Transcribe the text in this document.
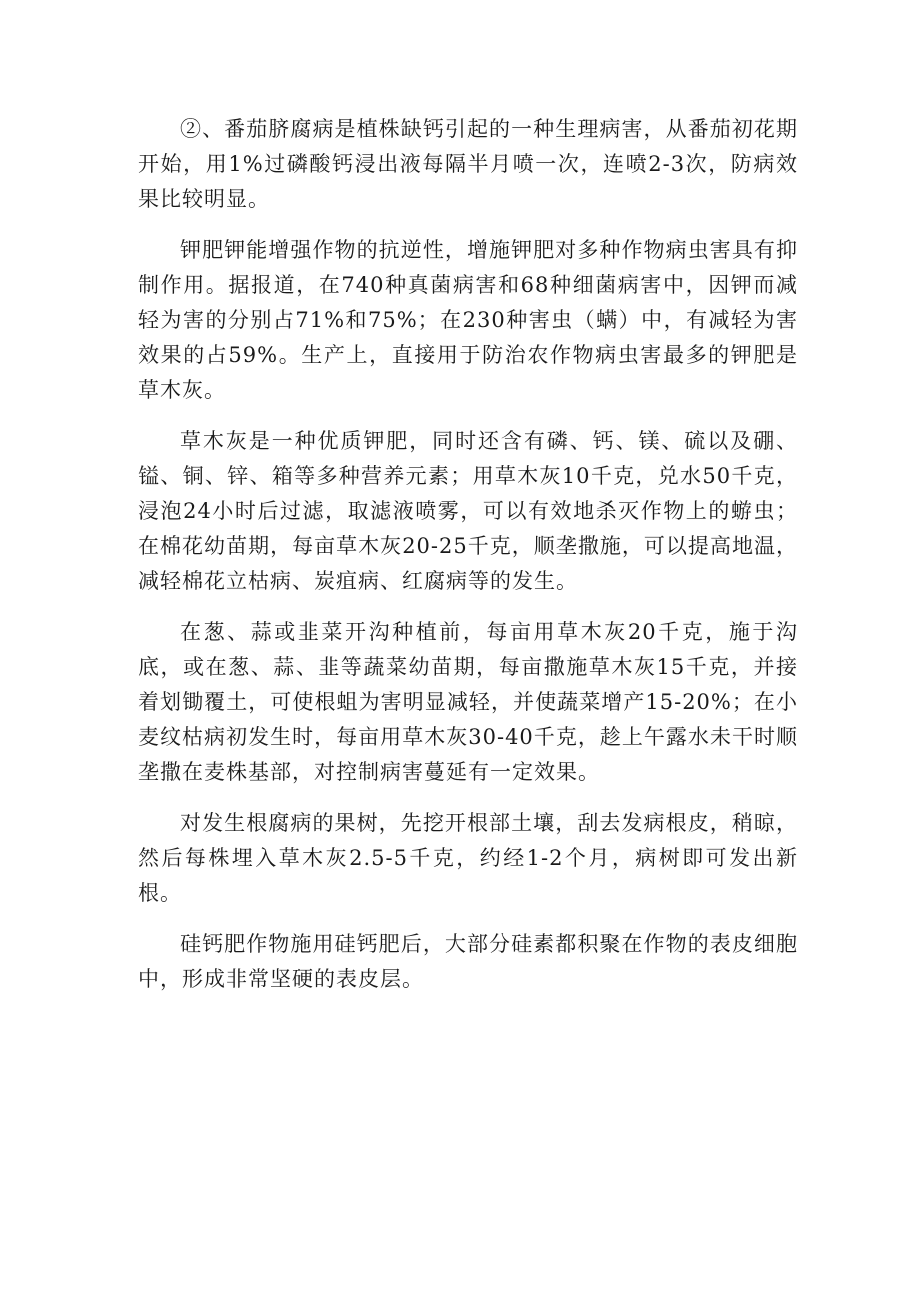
②、番茄脐腐病是植株缺钙引起的一种生理病害，从番茄初花期开始，用1%过磷酸钙浸出液每隔半月喷一次，连喷2-3次，防病效果比较明显。

钾肥钾能增强作物的抗逆性，增施钾肥对多种作物病虫害具有抑制作用。据报道，在740种真菌病害和68种细菌病害中，因钾而减轻为害的分别占71%和75%；在230种害虫（螨）中，有减轻为害效果的占59%。生产上，直接用于防治农作物病虫害最多的钾肥是草木灰。

草木灰是一种优质钾肥，同时还含有磷、钙、镁、硫以及硼、镒、铜、锌、箱等多种营养元素；用草木灰10千克，兑水50千克，浸泡24小时后过滤，取滤液喷雾，可以有效地杀灭作物上的蝣虫；在棉花幼苗期，每亩草木灰20-25千克，顺垄撒施，可以提高地温，减轻棉花立枯病、炭疽病、红腐病等的发生。

在葱、蒜或韭菜开沟种植前，每亩用草木灰20千克，施于沟底，或在葱、蒜、韭等蔬菜幼苗期，每亩撒施草木灰15千克，并接着划锄覆土，可使根蛆为害明显减轻，并使蔬菜增产15-20%；在小麦纹枯病初发生时，每亩用草木灰30-40千克，趁上午露水未干时顺垄撒在麦株基部，对控制病害蔓延有一定效果。

对发生根腐病的果树，先挖开根部土壤，刮去发病根皮，稍晾，然后每株埋入草木灰2.5-5千克，约经1-2个月，病树即可发出新根。

硅钙肥作物施用硅钙肥后，大部分硅素都积聚在作物的表皮细胞中，形成非常坚硬的表皮层。
